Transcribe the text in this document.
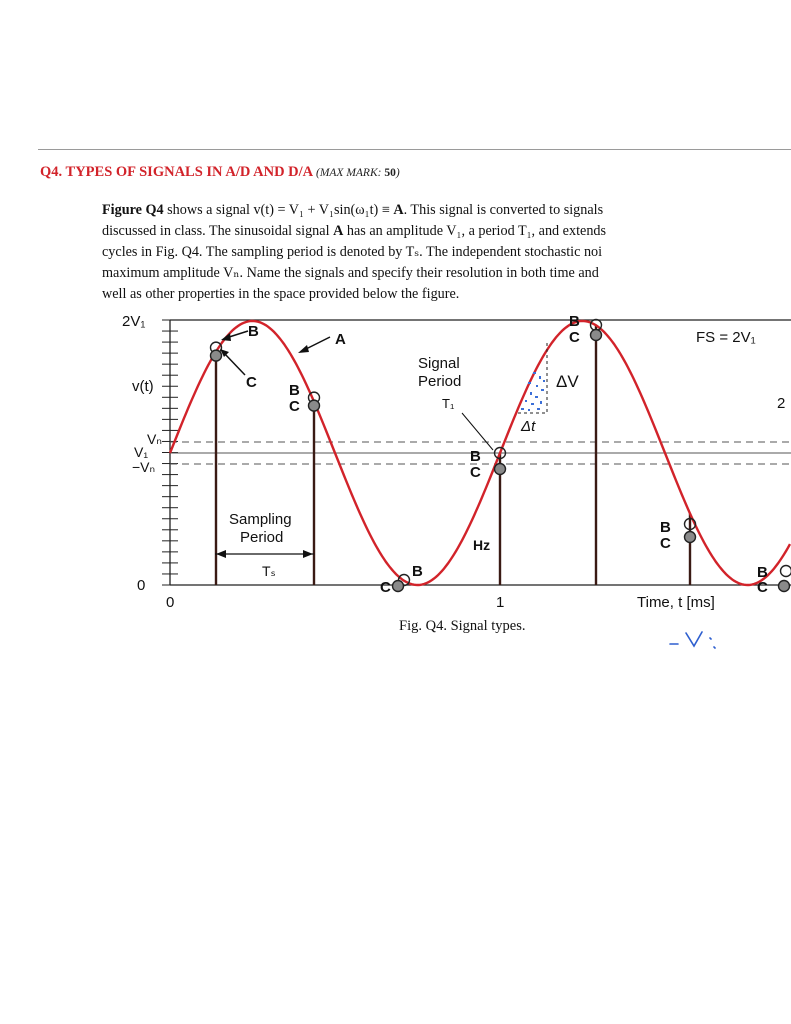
Q4. TYPES OF SIGNALS IN A/D AND D/A (MAX MARK: 50)
Figure Q4 shows a signal v(t) = V₁ + V₁sin(ω₁t) ≡ A. This signal is converted to signals
discussed in class. The sinusoidal signal A has an amplitude V₁, a period T₁, and extends
cycles in Fig. Q4. The sampling period is denoted by Tₛ. The independent stochastic noi
maximum amplitude Vₙ. Name the signals and specify their resolution in both time and
well as other properties in the space provided below the figure.
2V₁
v(t)
Vₙ
V₁
−Vₙ
0
0	1	Time, t [ms]
FS = 2V₁
Signal
Period
T₁
ΔV
Δt
Sampling
Period
Tₛ
2
A
B
C B
C
B
C
B
C
Hz
B
C
B
C
B
C
Fig. Q4. Signal types.
